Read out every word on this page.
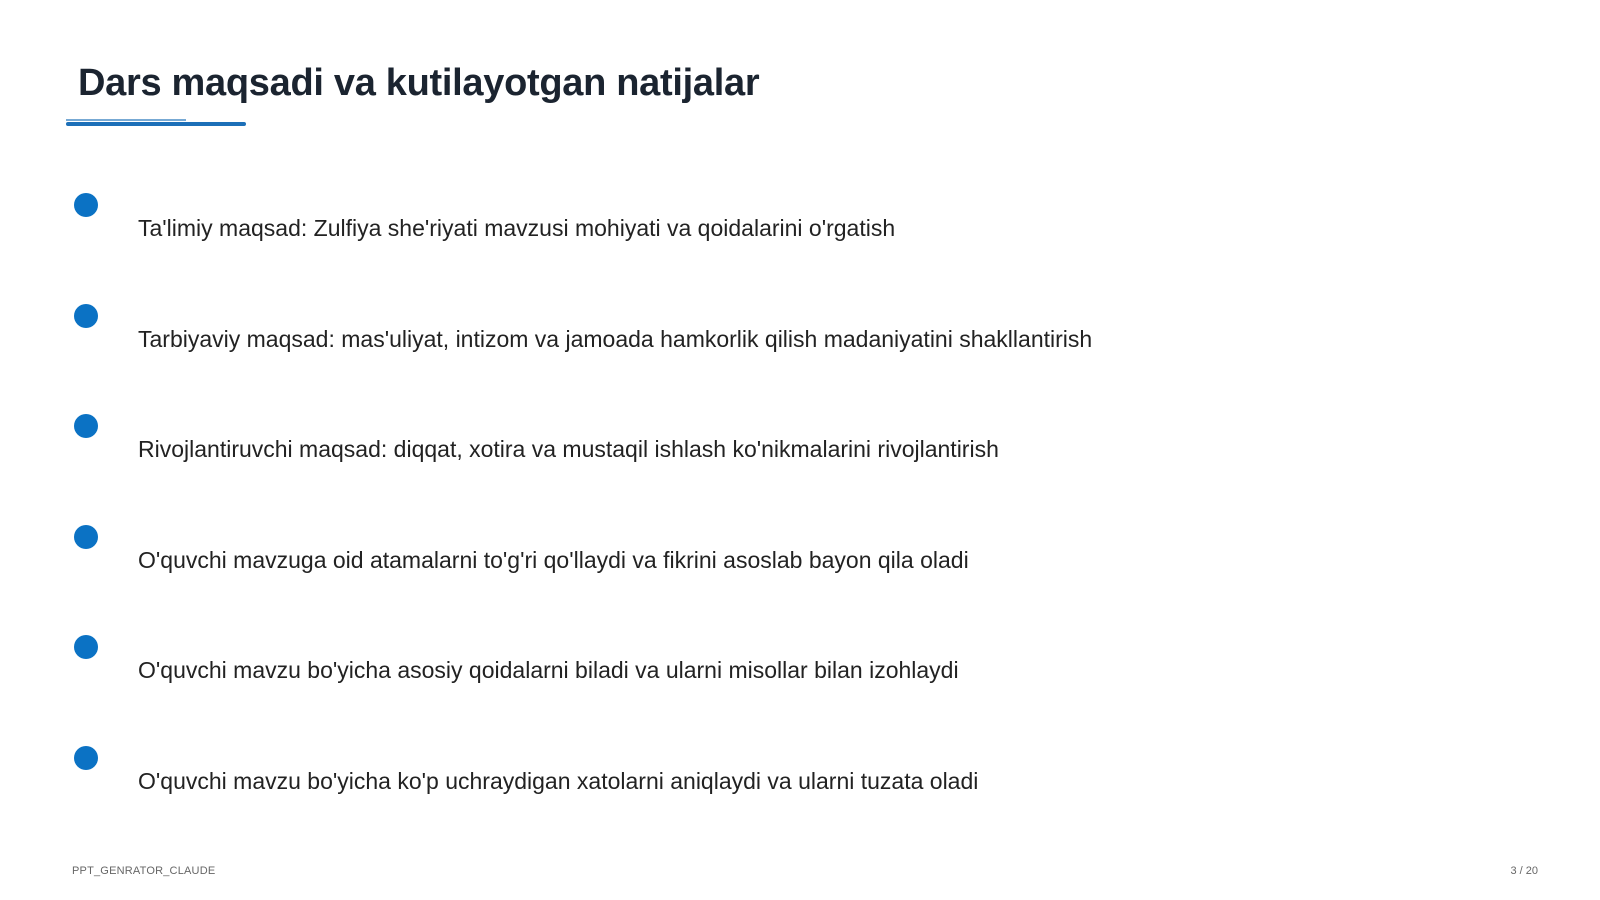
Dars maqsadi va kutilayotgan natijalar
Ta'limiy maqsad: Zulfiya she'riyati mavzusi mohiyati va qoidalarini o'rgatish
Tarbiyaviy maqsad: mas'uliyat, intizom va jamoada hamkorlik qilish madaniyatini shakllantirish
Rivojlantiruvchi maqsad: diqqat, xotira va mustaqil ishlash ko'nikmalarini rivojlantirish
O'quvchi mavzuga oid atamalarni to'g'ri qo'llaydi va fikrini asoslab bayon qila oladi
O'quvchi mavzu bo'yicha asosiy qoidalarni biladi va ularni misollar bilan izohlaydi
O'quvchi mavzu bo'yicha ko'p uchraydigan xatolarni aniqlaydi va ularni tuzata oladi
PPT_GENRATOR_CLAUDE	3 / 20
